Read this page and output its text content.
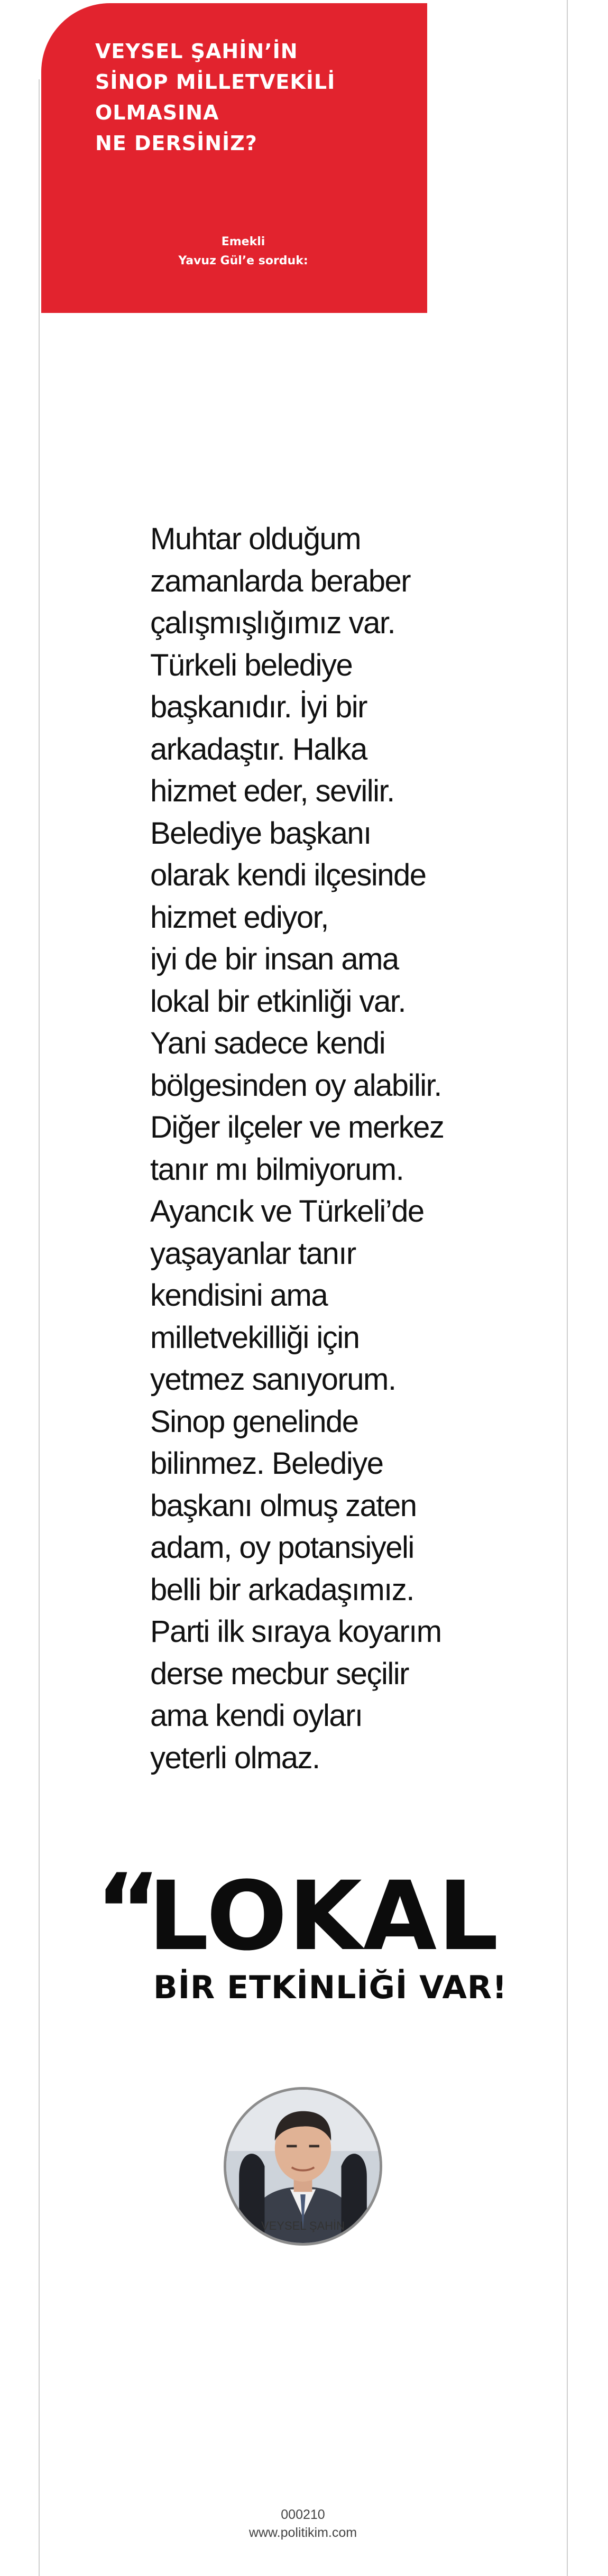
VEYSEL ŞAHİN’İN
SİNOP MİLLETVEKİLİ
OLMASINA
NE DERSİNİZ?
Emekli
Yavuz Gül’e sorduk:

Muhtar olduğum
zamanlarda beraber
çalışmışlığımız var.
Türkeli belediye
başkanıdır. İyi bir
arkadaştır. Halka
hizmet eder, sevilir.
Belediye başkanı
olarak kendi ilçesinde
hizmet ediyor,
iyi de bir insan ama
lokal bir etkinliği var.
Yani sadece kendi
bölgesinden oy alabilir.
Diğer ilçeler ve merkez
tanır mı bilmiyorum.
Ayancık ve Türkeli’de
yaşayanlar tanır
kendisini ama
milletvekilliği için
yetmez sanıyorum.
Sinop genelinde
bilinmez. Belediye
başkanı olmuş zaten
adam, oy potansiyeli
belli bir arkadaşımız.
Parti ilk sıraya koyarım
derse mecbur seçilir
ama kendi oyları
yeterli olmaz.

“
LOKAL
BİR ETKİNLİĞİ VAR!
VEYSEL ŞAHİN
000210
www.politikim.com
